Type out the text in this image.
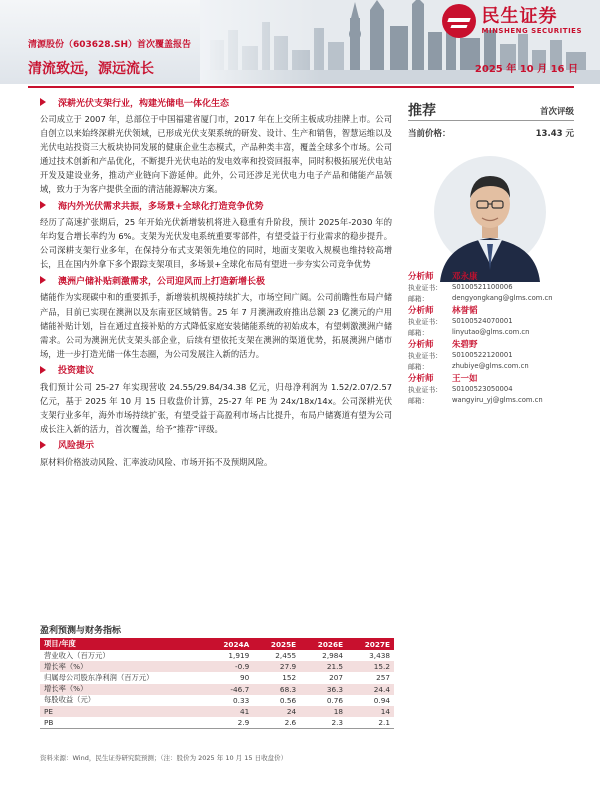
民生证券
MINSHENG SECURITIES
清源股份（603628.SH）首次覆盖报告
清流致远，源远流长	2025 年 10 月 16 日
深耕光伏支架行业，构建光储电一体化生态
公司成立于 2007 年，总部位于中国福建省厦门市，2017 年在上交所主板成功挂牌上市。公司自创立以来始终深耕光伏领域，已形成光伏支架系统的研发、设计、生产和销售，智慧运维以及光伏电站投资三大板块协同发展的健康企业生态模式，产品种类丰富，覆盖全球多个市场。公司通过技术创新和产品优化，不断提升光伏电站的发电效率和投资回报率，同时积极拓展光伏电站开发及建设业务，推动产业链向下游延伸。此外，公司还涉足光伏电力电子产品和储能产品领域，致力于为客户提供全面的清洁能源解决方案。
海内外光伏需求共振，多场景+全球化打造竞争优势
经历了高速扩张期后，25 年开始光伏新增装机将进入稳重有升阶段，预计 2025年-2030 年的年均复合增长率约为 6%。支架为光伏发电系统重要零部件，有望受益于行业需求的稳步提升。公司深耕支架行业多年，在保持分布式支架领先地位的同时，地面支架收入规模也维持较高增长，且在国内外拿下多个跟踪支架项目，多场景+全球化布局有望进一步夯实公司竞争优势
澳洲户储补贴刺激需求，公司迎风而上打造新增长极
储能作为实现碳中和的重要抓手，新增装机规模持续扩大，市场空间广阔。公司前瞻性布局户储产品，目前已实现在澳洲以及东南亚区域销售。25 年 7 月澳洲政府推出总额 23 亿澳元的户用储能补贴计划，旨在通过直接补贴的方式降低家庭安装储能系统的初始成本，有望刺激澳洲户储需求。公司为澳洲光伏支架头部企业，后续有望依托支架在澳洲的渠道优势，拓展澳洲户储市场，进一步打造光储一体生态圈，为公司发展注入新的活力。
投资建议
我们预计公司 25-27 年实现营收 24.55/29.84/34.38 亿元，归母净利润为 1.52/2.07/2.57 亿元，基于 2025 年 10 月 15 日收盘价计算，25-27 年 PE 为 24x/18x/14x。公司深耕光伏支架行业多年，海外市场持续扩张，有望受益于高盈利市场占比提升，布局户储赛道有望为公司成长注入新的活力，首次覆盖，给予“推荐”评级。
风险提示
原材料价格波动风险、汇率波动风险、市场开拓不及预期风险。
推荐	首次评级
当前价格：	13.43 元
分析师	邓永康
执业证书：	S0100521100006
邮箱：	dengyongkang@glms.com.cn
分析师	林誉韬
执业证书：	S0100524070001
邮箱：	linyutao@glms.com.cn
分析师	朱碧野
执业证书：	S0100522120001
邮箱：	zhubiye@glms.com.cn
分析师	王一如
执业证书：	S0100523050004
邮箱：	wangyiru_yj@glms.com.cn
盈利预测与财务指标
项目/年度	2024A	2025E	2026E	2027E
营业收入（百万元）	1,919	2,455	2,984	3,438
增长率（%）	-0.9	27.9	21.5	15.2
归属母公司股东净利润（百万元）	90	152	207	257
增长率（%）	-46.7	68.3	36.3	24.4
每股收益（元）	0.33	0.56	0.76	0.94
PE	41	24	18	14
PB	2.9	2.6	2.3	2.1
资料来源：Wind，民生证券研究院预测；（注：股价为 2025 年 10 月 15 日收盘价）
